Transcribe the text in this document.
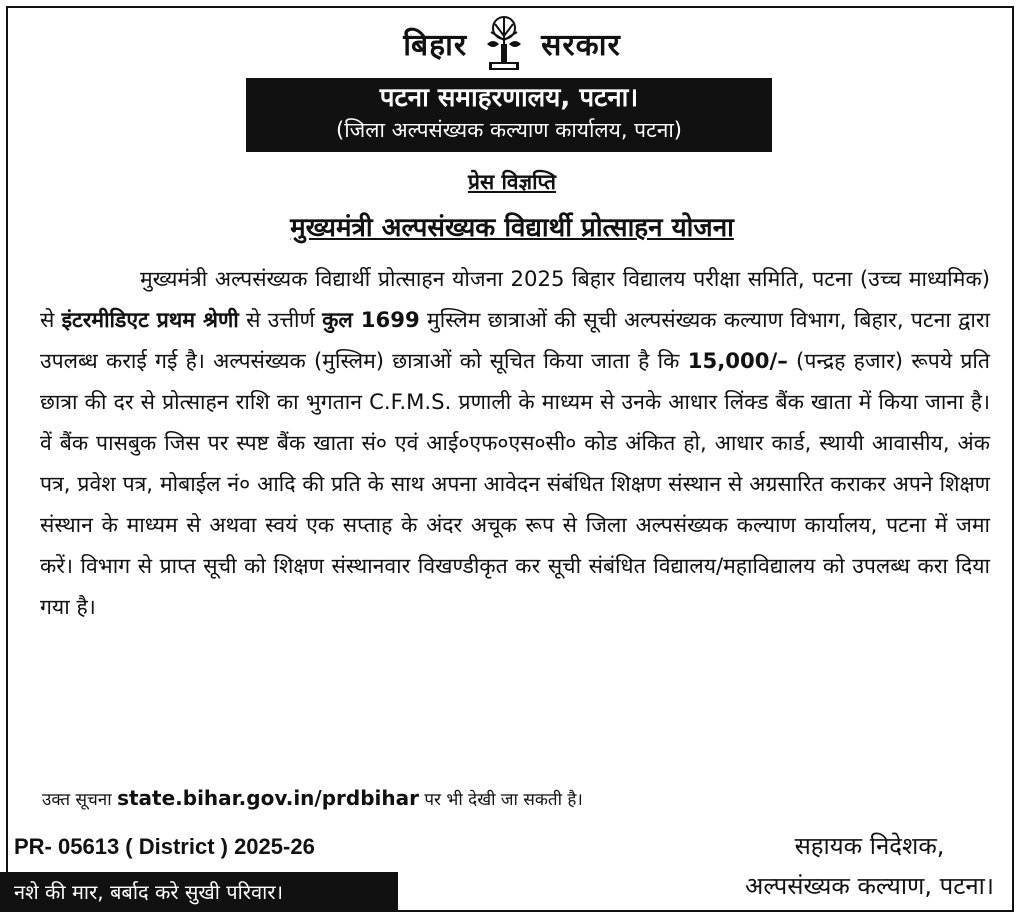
बिहार सरकार
पटना समाहरणालय, पटना।
(जिला अल्पसंख्यक कल्याण कार्यालय, पटना)
प्रेस विज्ञप्ति
मुख्यमंत्री अल्पसंख्यक विद्यार्थी प्रोत्साहन योजना
मुख्यमंत्री अल्पसंख्यक विद्यार्थी प्रोत्साहन योजना 2025 बिहार विद्यालय परीक्षा समिति, पटना (उच्च माध्यमिक) से इंटरमीडिएट प्रथम श्रेणी से उत्तीर्ण कुल 1699 मुस्लिम छात्राओं की सूची अल्पसंख्यक कल्याण विभाग, बिहार, पटना द्वारा उपलब्ध कराई गई है। अल्पसंख्यक (मुस्लिम) छात्राओं को सूचित किया जाता है कि 15,000/– (पन्द्रह हजार) रूपये प्रति छात्रा की दर से प्रोत्साहन राशि का भुगतान C.F.M.S. प्रणाली के माध्यम से उनके आधार लिंक्ड बैंक खाता में किया जाना है। वें बैंक पासबुक जिस पर स्पष्ट बैंक खाता सं० एवं आई०एफ०एस०सी० कोड अंकित हो, आधार कार्ड, स्थायी आवासीय, अंक पत्र, प्रवेश पत्र, मोबाईल नं० आदि की प्रति के साथ अपना आवेदन संबंधित शिक्षण संस्थान से अग्रसारित कराकर अपने शिक्षण संस्थान के माध्यम से अथवा स्वयं एक सप्ताह के अंदर अचूक रूप से जिला अल्पसंख्यक कल्याण कार्यालय, पटना में जमा करें। विभाग से प्राप्त सूची को शिक्षण संस्थानवार विखण्डीकृत कर सूची संबंधित विद्यालय/महाविद्यालय को उपलब्ध करा दिया गया है।
उक्त सूचना state.bihar.gov.in/prdbihar पर भी देखी जा सकती है।
PR- 05613 ( District ) 2025-26	सहायक निदेशक,
अल्पसंख्यक कल्याण, पटना।
नशे की मार, बर्बाद करे सुखी परिवार।
